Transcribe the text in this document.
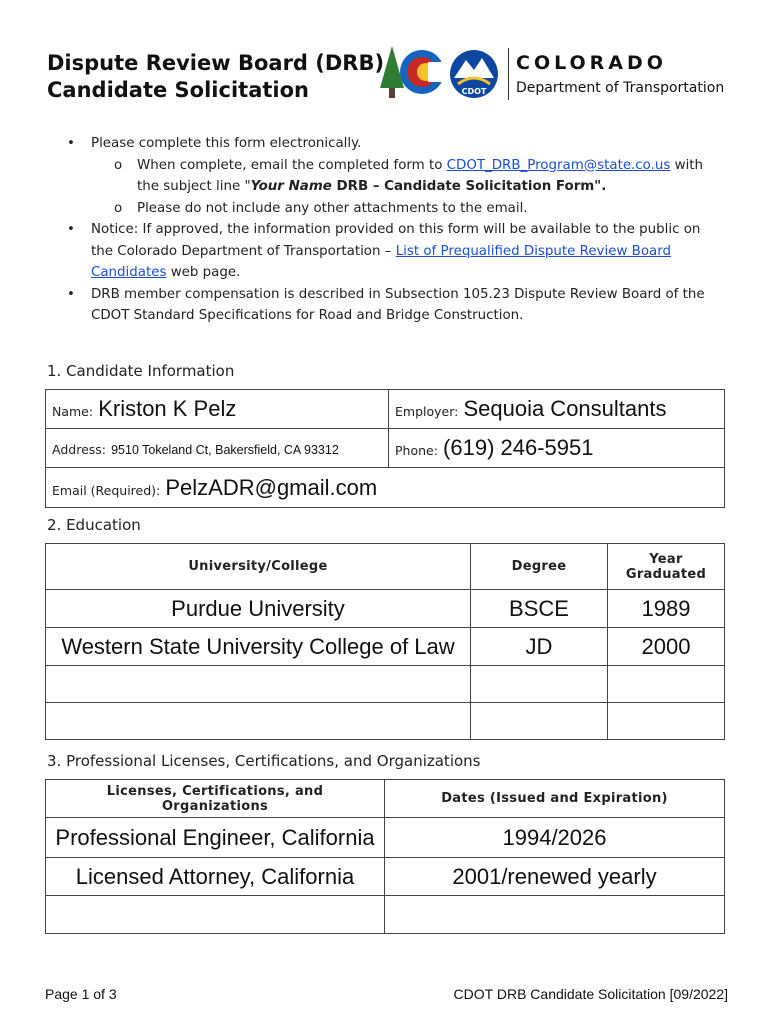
Dispute Review Board (DRB)
Candidate Solicitation	CDOT
COLORADO
Department of Transportation
• Please complete this form electronically.
o When complete, email the completed form to CDOT_DRB_Program@state.co.us with
the subject line "Your Name DRB – Candidate Solicitation Form".
o Please do not include any other attachments to the email.
• Notice: If approved, the information provided on this form will be available to the public on
the Colorado Department of Transportation – List of Prequalified Dispute Review Board
Candidates web page.
• DRB member compensation is described in Subsection 105.23 Dispute Review Board of the
CDOT Standard Specifications for Road and Bridge Construction.
1. Candidate Information
Name: Kriston K Pelz	Employer: Sequoia Consultants
Address: 9510 Tokeland Ct, Bakersfield, CA 93312	Phone: (619) 246-5951
Email (Required): PelzADR@gmail.com	
2. Education
University/College	Degree	Year
Graduated

Purdue University	BSCE	1989
Western State University College of Law	JD	2000

3. Professional Licenses, Certifications, and Organizations
Licenses, Certifications, and Organizations	Dates (Issued and Expiration)
Professional Engineer, California	1994/2026
Licensed Attorney, California	2001/renewed yearly

Page 1 of 3	CDOT DRB Candidate Solicitation [09/2022]
